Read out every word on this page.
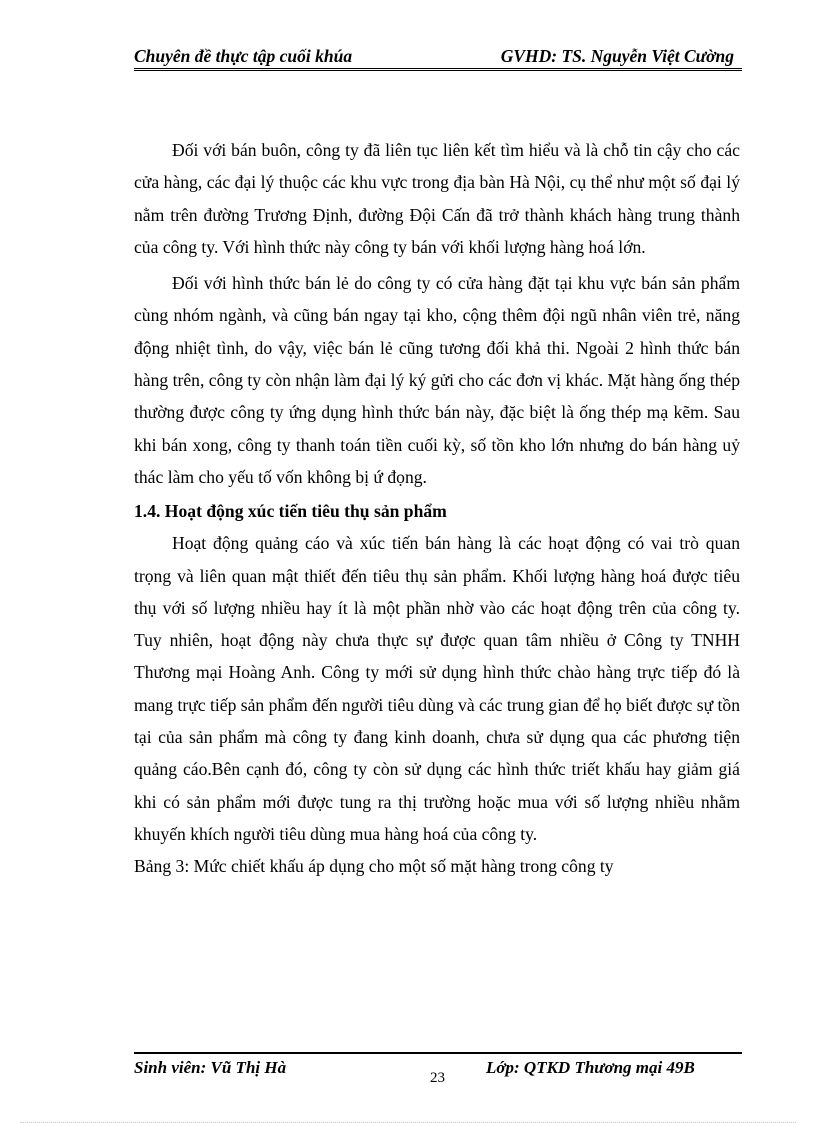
Chuyên đề thực tập cuối khúa	GVHD: TS. Nguyễn Việt Cường

Đối với bán buôn, công ty đã liên tục liên kết tìm hiểu và là chỗ tin cậy cho các cửa hàng, các đại lý thuộc các khu vực trong địa bàn Hà Nội, cụ thể như một số đại lý nằm trên đường Trương Định, đường Đội Cấn đã trở thành khách hàng trung thành của công ty. Với hình thức này công ty bán với khối lượng hàng hoá lớn.

Đối với hình thức bán lẻ do công ty có cửa hàng đặt tại khu vực bán sản phẩm cùng nhóm ngành, và cũng bán ngay tại kho, cộng thêm đội ngũ nhân viên trẻ, năng động nhiệt tình, do vậy, việc bán lẻ cũng tương đối khả thi. Ngoài 2 hình thức bán hàng trên, công ty còn nhận làm đại lý ký gửi cho các đơn vị khác. Mặt hàng ống thép thường được công ty ứng dụng hình thức bán này, đặc biệt là ống thép mạ kẽm. Sau khi bán xong, công ty thanh toán tiền cuối kỳ, số tồn kho lớn nhưng do bán hàng uỷ thác làm cho yếu tố vốn không bị ứ đọng.

1.4. Hoạt động xúc tiến tiêu thụ sản phẩm

Hoạt động quảng cáo và xúc tiến bán hàng là các hoạt động có vai trò quan trọng và liên quan mật thiết đến tiêu thụ sản phẩm. Khối lượng hàng hoá được tiêu thụ với số lượng nhiều hay ít là một phần nhờ vào các hoạt động trên của công ty. Tuy nhiên, hoạt động này chưa thực sự được quan tâm nhiều ở Công ty TNHH Thương mại Hoàng Anh. Công ty mới sử dụng hình thức chào hàng trực tiếp đó là mang trực tiếp sản phẩm đến người tiêu dùng và các trung gian để họ biết được sự tồn tại của sản phẩm mà công ty đang kinh doanh, chưa sử dụng qua các phương tiện quảng cáo.Bên cạnh đó, công ty còn sử dụng các hình thức triết khấu hay giảm giá khi có sản phẩm mới được tung ra thị trường hoặc mua với số lượng nhiều nhằm khuyến khích người tiêu dùng mua hàng hoá của công ty.

Bảng 3: Mức chiết khấu áp dụng cho một số mặt hàng trong công ty

Sinh viên: Vũ Thị Hà	Lớp: QTKD Thương mại 49B
23
